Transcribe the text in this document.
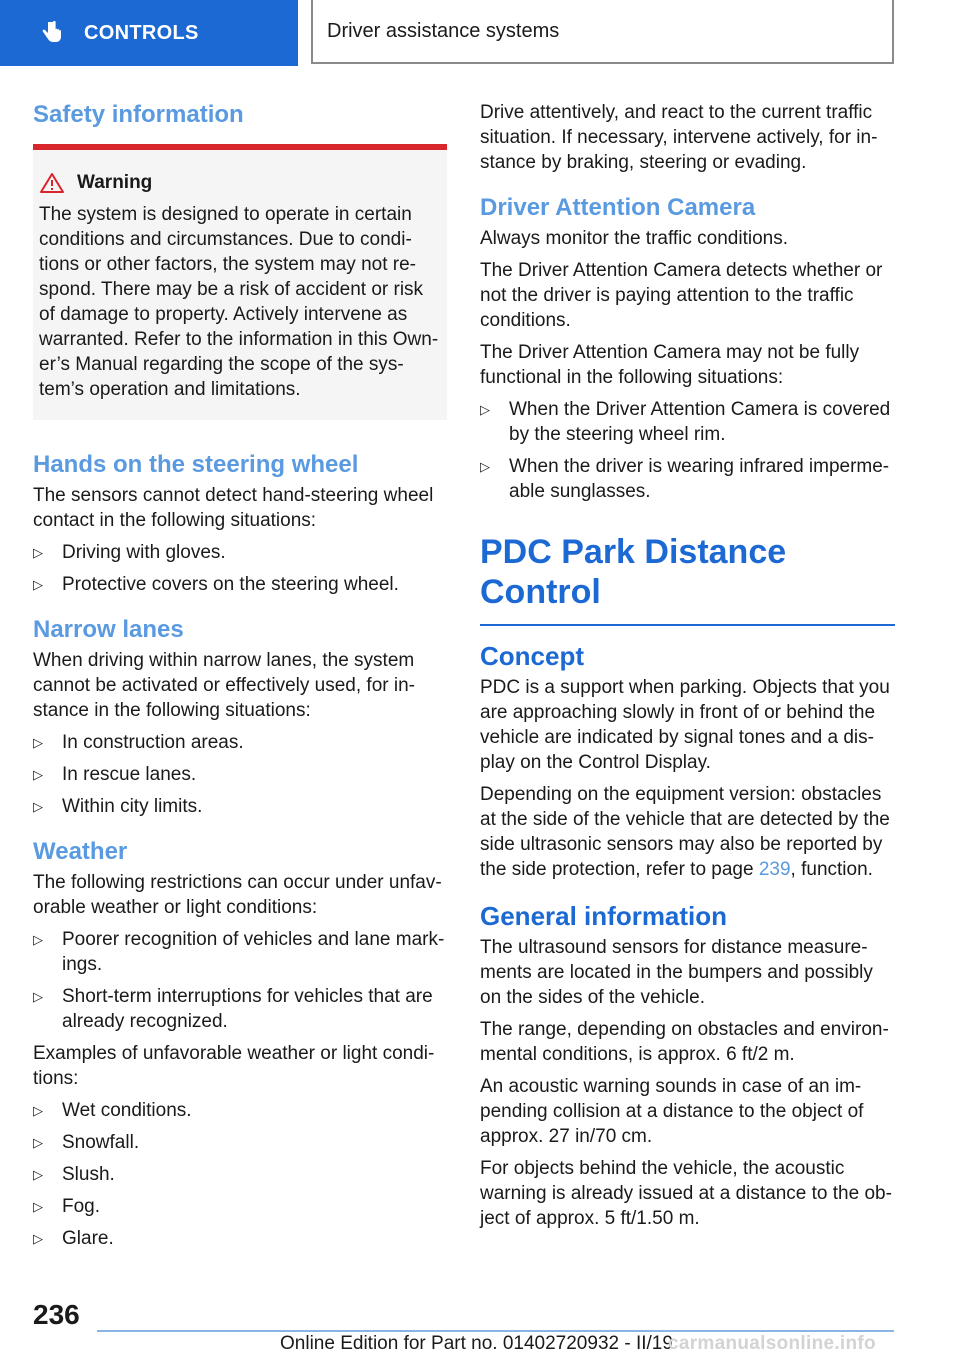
CONTROLS	Driver assistance systems
Safety information
Warning
The system is designed to operate in certain conditions and circumstances. Due to condi-tions or other factors, the system may not re-spond. There may be a risk of accident or risk of damage to property. Actively intervene as warranted. Refer to the information in this Own-er’s Manual regarding the scope of the sys-tem’s operation and limitations.
Hands on the steering wheel

The sensors cannot detect hand-steering wheel contact in the following situations:

▷ Driving with gloves.
▷ Protective covers on the steering wheel.
Narrow lanes

When driving within narrow lanes, the system cannot be activated or effectively used, for in-stance in the following situations:

▷ In construction areas.
▷ In rescue lanes.
▷ Within city limits.
Weather

The following restrictions can occur under unfav-orable weather or light conditions:

▷ Poorer recognition of vehicles and lane mark-ings.
▷ Short-term interruptions for vehicles that are already recognized.

Examples of unfavorable weather or light condi-tions:

▷ Wet conditions.
▷ Snowfall.
▷ Slush.
▷ Fog.
▷ Glare.

Drive attentively, and react to the current traffic situation. If necessary, intervene actively, for in-stance by braking, steering or evading.

Driver Attention Camera

Always monitor the traffic conditions.

The Driver Attention Camera detects whether or not the driver is paying attention to the traffic conditions.

The Driver Attention Camera may not be fully functional in the following situations:

▷ When the Driver Attention Camera is covered by the steering wheel rim.
▷ When the driver is wearing infrared imperme-able sunglasses.
PDC Park Distance Control
Concept

PDC is a support when parking. Objects that you are approaching slowly in front of or behind the vehicle are indicated by signal tones and a dis-play on the Control Display.

Depending on the equipment version: obstacles at the side of the vehicle that are detected by the side ultrasonic sensors may also be reported by the side protection, refer to page 239, function.

General information

The ultrasound sensors for distance measure-ments are located in the bumpers and possibly on the sides of the vehicle.

The range, depending on obstacles and environ-mental conditions, is approx. 6 ft/2 m.

An acoustic warning sounds in case of an im-pending collision at a distance to the object of approx. 27 in/70 cm.

For objects behind the vehicle, the acoustic warning is already issued at a distance to the ob-ject of approx. 5 ft/1.50 m.

236
Online Edition for Part no. 01402720932 - II/19
carmanualsonline.info
